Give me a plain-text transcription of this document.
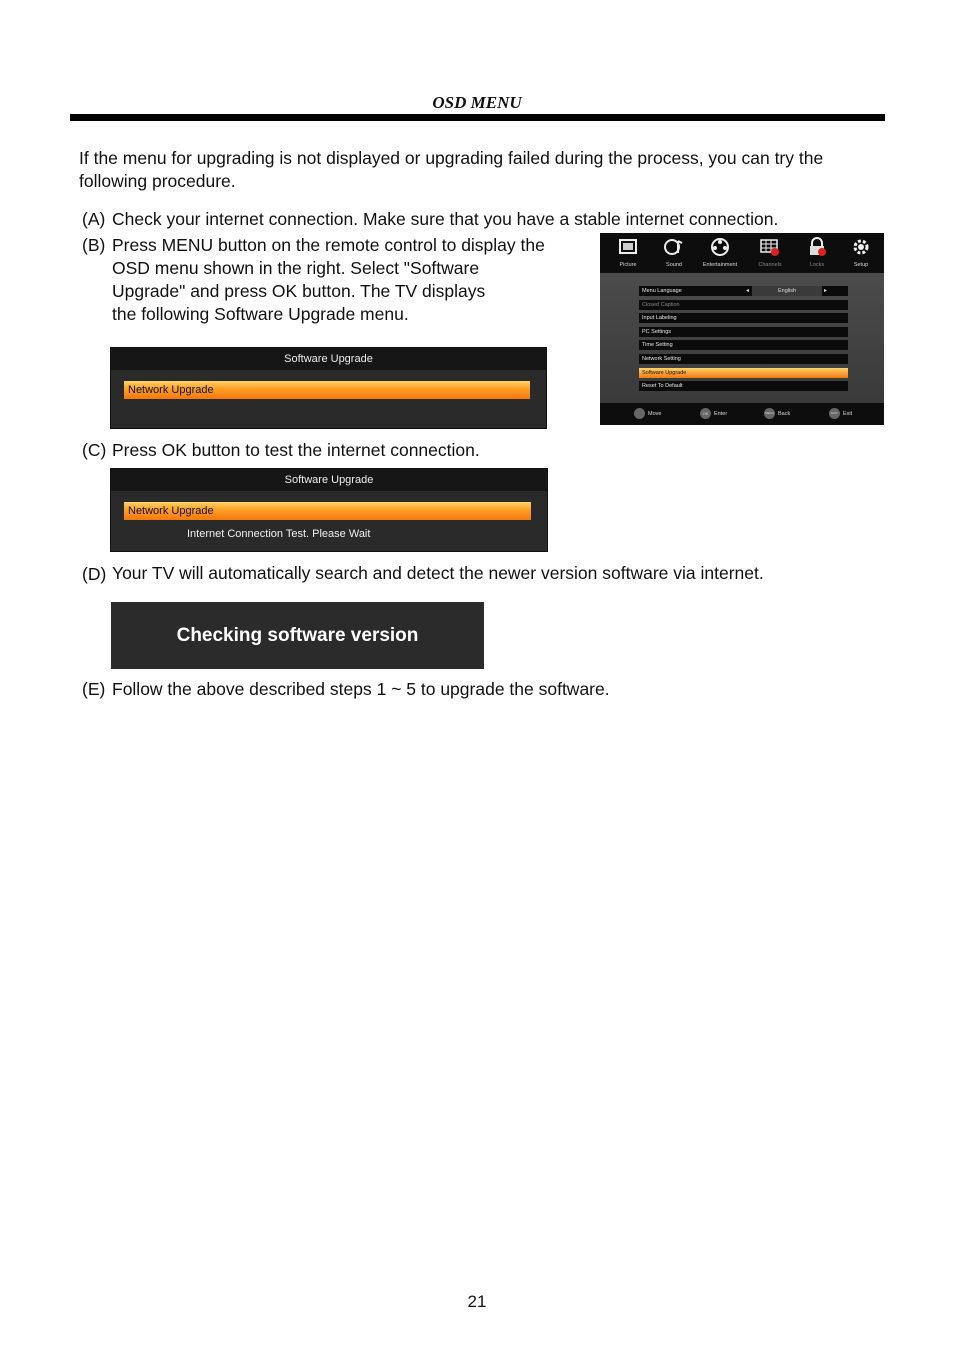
OSD MENU
If the menu for upgrading is not displayed or upgrading failed during the process, you can try the following procedure.
(A) Check your internet connection. Make sure that you have a stable internet connection.
(B) Press MENU button on the remote control to display the
OSD menu shown in the right. Select "Software
Upgrade" and press OK button. The TV displays
the following Software Upgrade menu.
Software Upgrade
Network Upgrade
Picture	Sound	Entertainment	Channels	Locks	Setup
Menu Language	◂	English	▸
Closed Caption
Input Labeling
PC Settings
Time Setting
Network Setting
Software Upgrade
Reset To Default
Move	OK Enter	MENU Back	EXIT Exit
(C) Press OK button to test the internet connection.
Software Upgrade
Network Upgrade
Internet Connection Test. Please Wait
(D) Your TV will automatically search and detect the newer version software via internet.
Checking software version
(E) Follow the above described steps 1 ~ 5 to upgrade the software.
21
